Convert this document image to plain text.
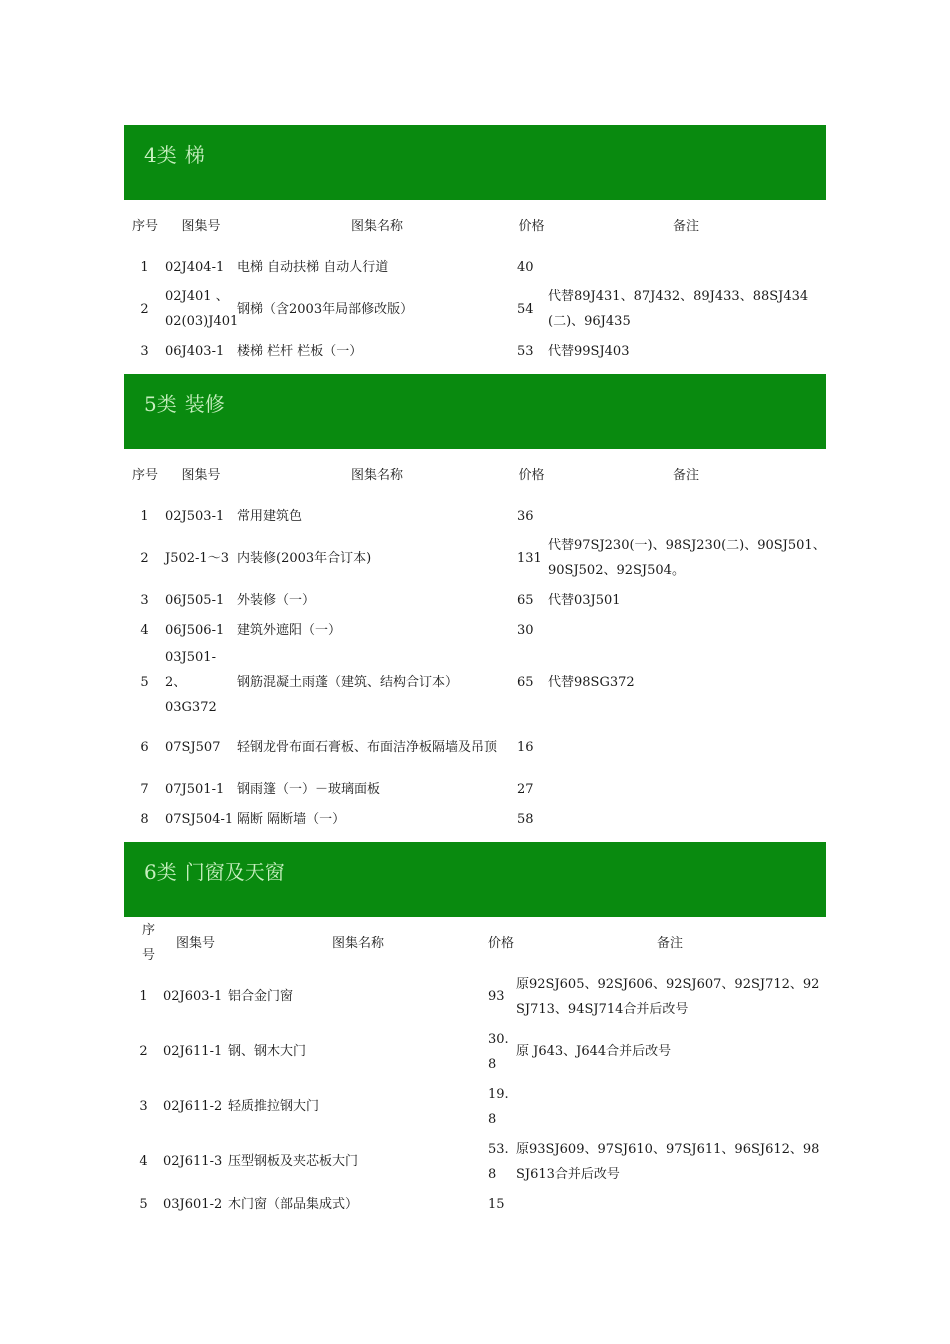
4类 梯
序号	图集号	图集名称	价格	备注
1	02J404-1	电梯 自动扶梯 自动人行道	40	
2	02J401 、02(03)J401	钢梯（含2003年局部修改版）	54	代替89J431、87J432、89J433、88SJ434(二)、96J435
3	06J403-1	楼梯 栏杆 栏板（一）	53	代替99SJ403
5类 装修
序号	图集号	图集名称	价格	备注
1	02J503-1	常用建筑色	36	
2	J502-1～3	内装修(2003年合订本)	131	代替97SJ230(一)、98SJ230(二)、90SJ501、90SJ502、92SJ504。
3	06J505-1	外装修（一）	65	代替03J501
4	06J506-1	建筑外遮阳（一）	30	
5	03J501-2、03G372	钢筋混凝土雨蓬（建筑、结构合订本）	65	代替98SG372
6	07SJ507	轻钢龙骨布面石膏板、布面洁净板隔墙及吊顶	16	
7	07J501-1	钢雨篷（一）－玻璃面板	27	
8	07SJ504-1	隔断 隔断墙（一）	58	
6类 门窗及天窗
序号	图集号	图集名称	价格	备注
1	02J603-1	铝合金门窗	93	原92SJ605、92SJ606、92SJ607、92SJ712、92SJ713、94SJ714合并后改号
2	02J611-1	钢、钢木大门	30.8	原 J643、J644合并后改号
3	02J611-2	轻质推拉钢大门	19.8	
4	02J611-3	压型钢板及夹芯板大门	53.8	原93SJ609、97SJ610、97SJ611、96SJ612、98SJ613合并后改号
5	03J601-2	木门窗（部品集成式）	15	
